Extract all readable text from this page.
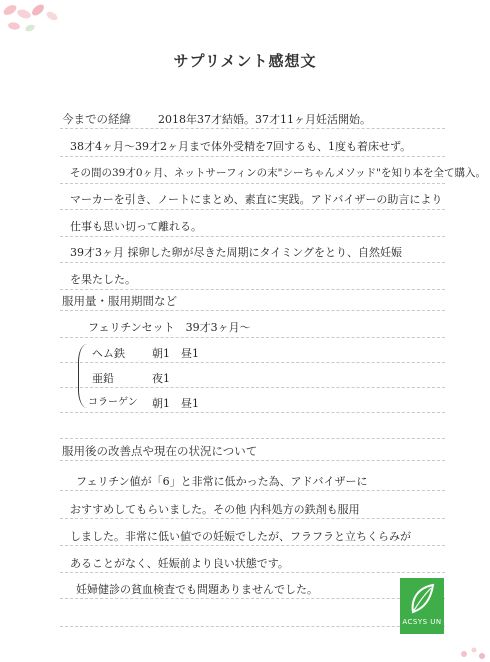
サプリメント感想文
今までの経緯 2018年37才結婚。37才11ヶ月妊活開始。
38才4ヶ月～39才2ヶ月まで体外受精を7回するも、1度も着床せず。
その間の39才0ヶ月、ネットサーフィンの末"シーちゃんメソッド"を知り本を全て購入。
マーカーを引き、ノートにまとめ、素直に実践。アドバイザーの助言により
仕事も思い切って離れる。
39才3ヶ月 採卵した卵が尽きた周期にタイミングをとり、自然妊娠
を果たした。
服用量・服用期間など
フェリチンセット　39才3ヶ月～
ヘム鉄 朝1　昼1
亜鉛	夜1
コラーゲン 朝1　昼1
服用後の改善点や現在の状況について
フェリチン値が「6」と非常に低かった為、アドバイザーに
おすすめしてもらいました。その他 内科処方の鉄剤も服用
しました。非常に低い値での妊娠でしたが、フラフラと立ちくらみが
あることがなく、妊娠前より良い状態です。
妊婦健診の貧血検査でも問題ありませんでした。
ACSYS UN
